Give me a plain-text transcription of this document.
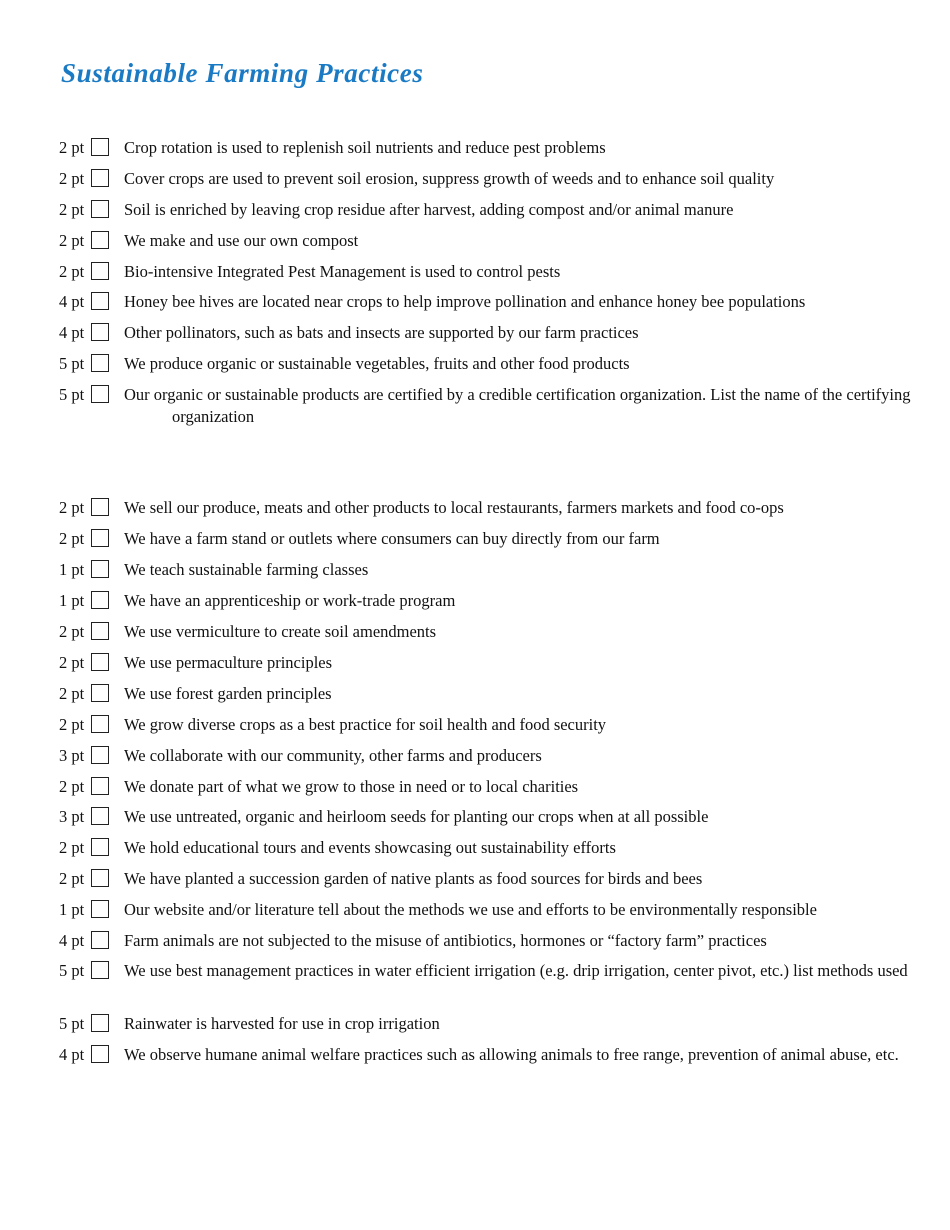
Sustainable Farming Practices
2 pt Crop rotation is used to replenish soil nutrients and reduce pest problems
2 pt Cover crops are used to prevent soil erosion, suppress growth of weeds and to enhance soil quality
2 pt Soil is enriched by leaving crop residue after harvest, adding compost and/or animal manure
2 pt We make and use our own compost
2 pt Bio-intensive Integrated Pest Management is used to control pests
4 pt Honey bee hives are located near crops to help improve pollination and enhance honey bee populations
4 pt Other pollinators, such as bats and insects are supported by our farm practices
5 pt We produce organic or sustainable vegetables, fruits and other food products
5 pt Our organic or sustainable products are certified by a credible certification organization. List the name of the certifying organization
2 pt We sell our produce, meats and other products to local restaurants, farmers markets and food co-ops
2 pt We have a farm stand or outlets where consumers can buy directly from our farm
1 pt We teach sustainable farming classes
1 pt We have an apprenticeship or work-trade program
2 pt We use vermiculture to create soil amendments
2 pt We use permaculture principles
2 pt We use forest garden principles
2 pt We grow diverse crops as a best practice for soil health and food security
3 pt We collaborate with our community, other farms and producers
2 pt We donate part of what we grow to those in need or to local charities
3 pt We use untreated, organic and heirloom seeds for planting our crops when at all possible
2 pt We hold educational tours and events showcasing out sustainability efforts
2 pt We have planted a succession garden of native plants as food sources for birds and bees
1 pt Our website and/or literature tell about the methods we use and efforts to be environmentally responsible
4 pt Farm animals are not subjected to the misuse of antibiotics, hormones or “factory farm” practices
5 pt We use best management practices in water efficient irrigation (e.g. drip irrigation, center pivot, etc.) list methods used
5 pt Rainwater is harvested for use in crop irrigation
4 pt We observe humane animal welfare practices such as allowing animals to free range, prevention of animal abuse, etc.
